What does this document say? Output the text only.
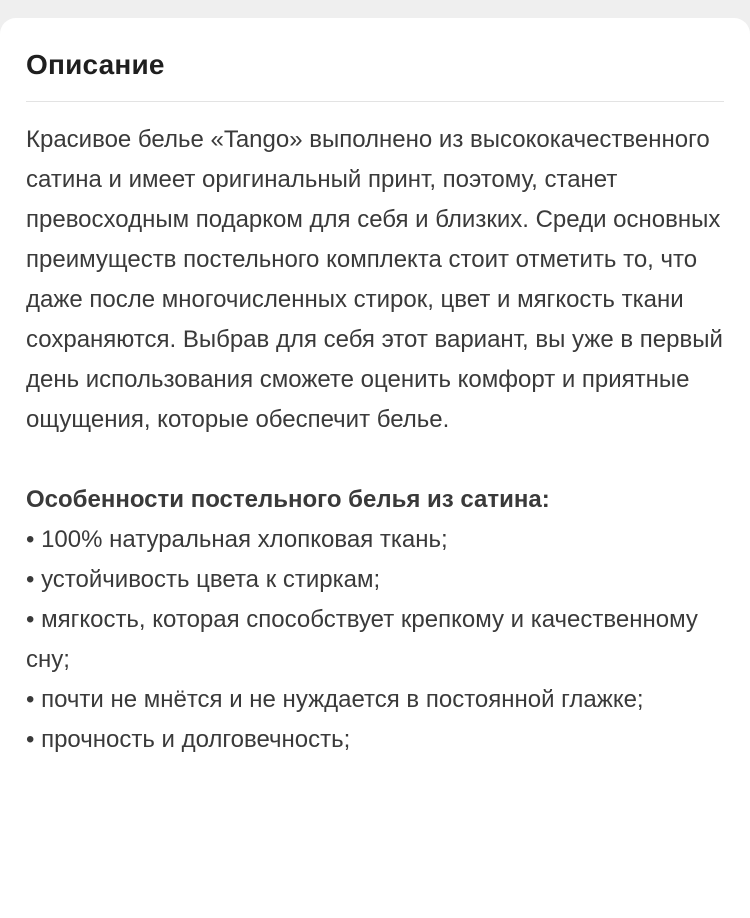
Описание

Красивое белье «Tango» выполнено из высококачественного сатина и имеет оригинальный принт, поэтому, станет превосходным подарком для себя и близких. Среди основных преимуществ постельного комплекта стоит отметить то, что даже после многочисленных стирок, цвет и мягкость ткани сохраняются. Выбрав для себя этот вариант, вы уже в первый день использования сможете оценить комфорт и приятные ощущения, которые обеспечит белье.

Особенности постельного белья из сатина:

• 100% натуральная хлопковая ткань;
• устойчивость цвета к стиркам;
• мягкость, которая способствует крепкому и качественному сну;
• почти не мнётся и не нуждается в постоянной глажке;
• прочность и долговечность;
